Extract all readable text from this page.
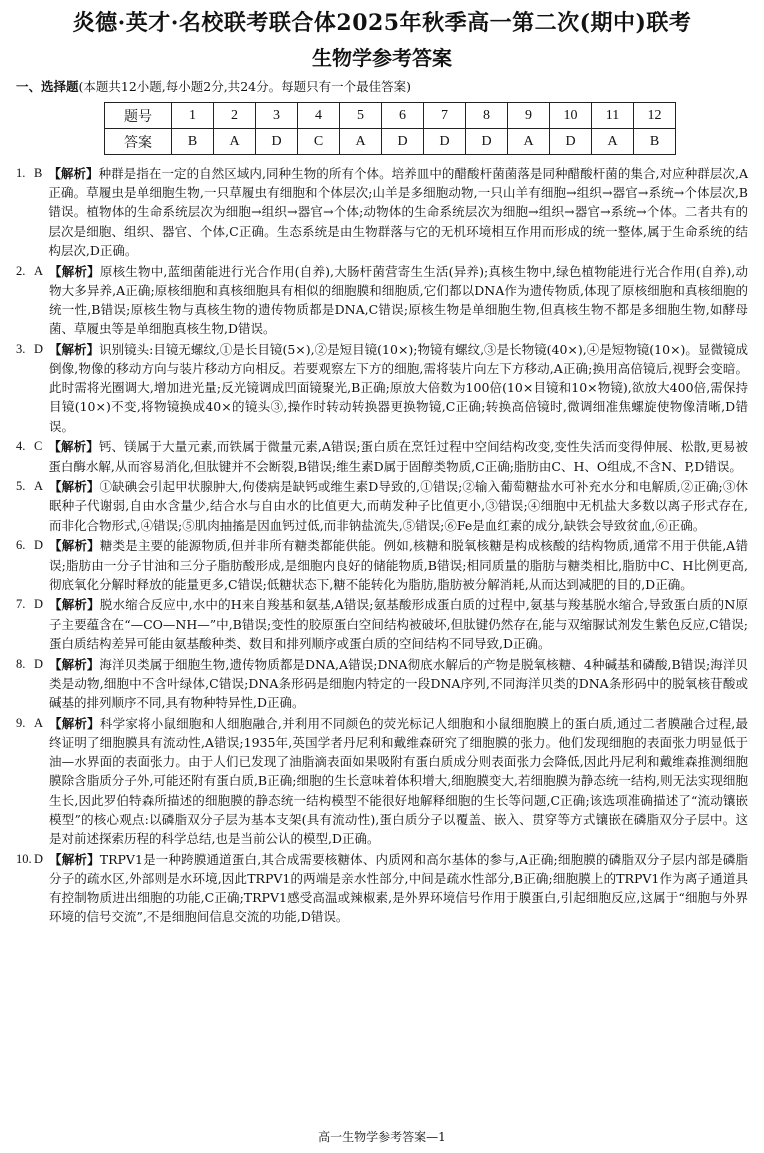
炎德·英才·名校联考联合体2025年秋季高一第二次(期中)联考
生物学参考答案
一、选择题(本题共12小题,每小题2分,共24分。每题只有一个最佳答案)
题号	1	2	3	4	5	6	7	8	9	10	11	12
答案	B	A	D	C	A	D	D	D	A	D	A	B
1. B 【解析】种群是指在一定的自然区域内,同种生物的所有个体。培养皿中的醋酸杆菌菌落是同种醋酸杆菌的集合,对应种群层次,A正确。草履虫是单细胞生物,一只草履虫有细胞和个体层次;山羊是多细胞动物,一只山羊有细胞→组织→器官→系统→个体层次,B错误。植物体的生命系统层次为细胞→组织→器官→个体;动物体的生命系统层次为细胞→组织→器官→系统→个体。二者共有的层次是细胞、组织、器官、个体,C正确。生态系统是由生物群落与它的无机环境相互作用而形成的统一整体,属于生命系统的结构层次,D正确。
2. A 【解析】原核生物中,蓝细菌能进行光合作用(自养),大肠杆菌营寄生生活(异养);真核生物中,绿色植物能进行光合作用(自养),动物大多异养,A正确;原核细胞和真核细胞具有相似的细胞膜和细胞质,它们都以DNA作为遗传物质,体现了原核细胞和真核细胞的统一性,B错误;原核生物与真核生物的遗传物质都是DNA,C错误;原核生物是单细胞生物,但真核生物不都是多细胞生物,如酵母菌、草履虫等是单细胞真核生物,D错误。
3. D 【解析】识别镜头:目镜无螺纹,①是长目镜(5×),②是短目镜(10×);物镜有螺纹,③是长物镜(40×),④是短物镜(10×)。显微镜成倒像,物像的移动方向与装片移动方向相反。若要观察左下方的细胞,需将装片向左下方移动,A正确;换用高倍镜后,视野会变暗。此时需将光圈调大,增加进光量;反光镜调成凹面镜聚光,B正确;原放大倍数为100倍(10×目镜和10×物镜),欲放大400倍,需保持目镜(10×)不变,将物镜换成40×的镜头③,操作时转动转换器更换物镜,C正确;转换高倍镜时,微调细准焦螺旋使物像清晰,D错误。
4. C 【解析】钙、镁属于大量元素,而铁属于微量元素,A错误;蛋白质在烹饪过程中空间结构改变,变性失活而变得伸展、松散,更易被蛋白酶水解,从而容易消化,但肽键并不会断裂,B错误;维生素D属于固醇类物质,C正确;脂肪由C、H、O组成,不含N、P,D错误。
5. A 【解析】①缺碘会引起甲状腺肿大,佝偻病是缺钙或维生素D导致的,①错误;②输入葡萄糖盐水可补充水分和电解质,②正确;③休眠种子代谢弱,自由水含量少,结合水与自由水的比值更大,而萌发种子比值更小,③错误;④细胞中无机盐大多数以离子形式存在,而非化合物形式,④错误;⑤肌肉抽搐是因血钙过低,而非钠盐流失,⑤错误;⑥Fe是血红素的成分,缺铁会导致贫血,⑥正确。
6. D 【解析】糖类是主要的能源物质,但并非所有糖类都能供能。例如,核糖和脱氧核糖是构成核酸的结构物质,通常不用于供能,A错误;脂肪由一分子甘油和三分子脂肪酸形成,是细胞内良好的储能物质,B错误;相同质量的脂肪与糖类相比,脂肪中C、H比例更高,彻底氧化分解时释放的能量更多,C错误;低糖状态下,糖不能转化为脂肪,脂肪被分解消耗,从而达到减肥的目的,D正确。
7. D 【解析】脱水缩合反应中,水中的H来自羧基和氨基,A错误;氨基酸形成蛋白质的过程中,氨基与羧基脱水缩合,导致蛋白质的N原子主要蕴含在“—CO—NH—”中,B错误;变性的胶原蛋白空间结构被破坏,但肽键仍然存在,能与双缩脲试剂发生紫色反应,C错误;蛋白质结构差异可能由氨基酸种类、数目和排列顺序或蛋白质的空间结构不同导致,D正确。
8. D 【解析】海洋贝类属于细胞生物,遗传物质都是DNA,A错误;DNA彻底水解后的产物是脱氧核糖、4种碱基和磷酸,B错误;海洋贝类是动物,细胞中不含叶绿体,C错误;DNA条形码是细胞内特定的一段DNA序列,不同海洋贝类的DNA条形码中的脱氧核苷酸或碱基的排列顺序不同,具有物种特异性,D正确。
9. A 【解析】科学家将小鼠细胞和人细胞融合,并利用不同颜色的荧光标记人细胞和小鼠细胞膜上的蛋白质,通过二者膜融合过程,最终证明了细胞膜具有流动性,A错误;1935年,英国学者丹尼利和戴维森研究了细胞膜的张力。他们发现细胞的表面张力明显低于油—水界面的表面张力。由于人们已发现了油脂滴表面如果吸附有蛋白质成分则表面张力会降低,因此丹尼利和戴维森推测细胞膜除含脂质分子外,可能还附有蛋白质,B正确;细胞的生长意味着体积增大,细胞膜变大,若细胞膜为静态统一结构,则无法实现细胞生长,因此罗伯特森所描述的细胞膜的静态统一结构模型不能很好地解释细胞的生长等问题,C正确;该选项准确描述了“流动镶嵌模型”的核心观点:以磷脂双分子层为基本支架(具有流动性),蛋白质分子以覆盖、嵌入、贯穿等方式镶嵌在磷脂双分子层中。这是对前述探索历程的科学总结,也是当前公认的模型,D正确。
10. D 【解析】TRPV1是一种跨膜通道蛋白,其合成需要核糖体、内质网和高尔基体的参与,A正确;细胞膜的磷脂双分子层内部是磷脂分子的疏水区,外部则是水环境,因此TRPV1的两端是亲水性部分,中间是疏水性部分,B正确;细胞膜上的TRPV1作为离子通道具有控制物质进出细胞的功能,C正确;TRPV1感受高温或辣椒素,是外界环境信号作用于膜蛋白,引起细胞反应,这属于“细胞与外界环境的信号交流”,不是细胞间信息交流的功能,D错误。
高一生物学参考答案—1
